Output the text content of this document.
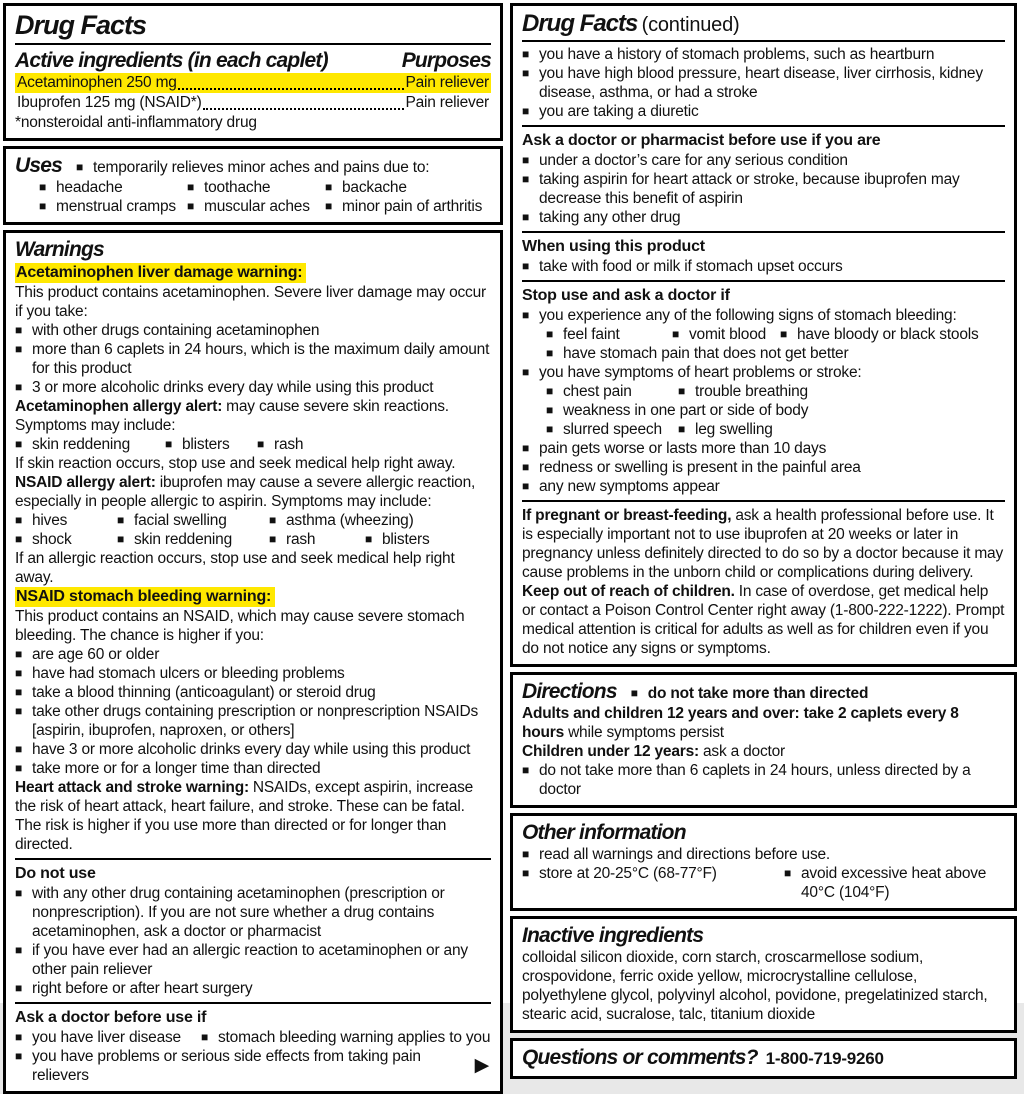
Drug Facts
Active ingredients (in each caplet)	Purposes
Acetaminophen 250 mg	Pain reliever
Ibuprofen 125 mg (NSAID*)	Pain reliever
*nonsteroidal anti-inflammatory drug
Uses	■ temporarily relieves minor aches and pains due to:
■ headache	■ toothache	■ backache
■ menstrual cramps	■ muscular aches	■ minor pain of arthritis
Warnings
Acetaminophen liver damage warning:
This product contains acetaminophen. Severe liver damage may occur if you take:
■ with other drugs containing acetaminophen
■ more than 6 caplets in 24 hours, which is the maximum daily amount for this product
■ 3 or more alcoholic drinks every day while using this product
Acetaminophen allergy alert: may cause severe skin reactions.
Symptoms may include:
■ skin reddening	■ blisters	■ rash
If skin reaction occurs, stop use and seek medical help right away.
NSAID allergy alert: ibuprofen may cause a severe allergic reaction, especially in people allergic to aspirin. Symptoms may include:
■ hives	■ facial swelling	■ asthma (wheezing)
■ shock	■ skin reddening	■ rash	■ blisters
If an allergic reaction occurs, stop use and seek medical help right away.
NSAID stomach bleeding warning:
This product contains an NSAID, which may cause severe stomach bleeding. The chance is higher if you:
■ are age 60 or older
■ have had stomach ulcers or bleeding problems
■ take a blood thinning (anticoagulant) or steroid drug
■ take other drugs containing prescription or nonprescription NSAIDs [aspirin, ibuprofen, naproxen, or others]
■ have 3 or more alcoholic drinks every day while using this product
■ take more or for a longer time than directed
Heart attack and stroke warning: NSAIDs, except aspirin, increase the risk of heart attack, heart failure, and stroke. These can be fatal. The risk is higher if you use more than directed or for longer than directed.
Do not use
■ with any other drug containing acetaminophen (prescription or nonprescription). If you are not sure whether a drug contains acetaminophen, ask a doctor or pharmacist
■ if you have ever had an allergic reaction to acetaminophen or any other pain reliever
■ right before or after heart surgery
Ask a doctor before use if
■ you have liver disease	■ stomach bleeding warning applies to you
■ you have problems or serious side effects from taking pain relievers	▶
Drug Facts (continued)
■ you have a history of stomach problems, such as heartburn
■ you have high blood pressure, heart disease, liver cirrhosis, kidney disease, asthma, or had a stroke
■ you are taking a diuretic
Ask a doctor or pharmacist before use if you are
■ under a doctor’s care for any serious condition
■ taking aspirin for heart attack or stroke, because ibuprofen may decrease this benefit of aspirin
■ taking any other drug
When using this product
■ take with food or milk if stomach upset occurs
Stop use and ask a doctor if
■ you experience any of the following signs of stomach bleeding:
■ feel faint	■ vomit blood	■ have bloody or black stools
■ have stomach pain that does not get better
■ you have symptoms of heart problems or stroke:
■ chest pain	■ trouble breathing
■ weakness in one part or side of body
■ slurred speech	■ leg swelling
■ pain gets worse or lasts more than 10 days
■ redness or swelling is present in the painful area
■ any new symptoms appear
If pregnant or breast-feeding, ask a health professional before use. It is especially important not to use ibuprofen at 20 weeks or later in pregnancy unless definitely directed to do so by a doctor because it may cause problems in the unborn child or complications during delivery.
Keep out of reach of children. In case of overdose, get medical help or contact a Poison Control Center right away (1-800-222-1222). Prompt medical attention is critical for adults as well as for children even if you do not notice any signs or symptoms.
Directions	■ do not take more than directed
Adults and children 12 years and over: take 2 caplets every 8 hours while symptoms persist
Children under 12 years: ask a doctor
■ do not take more than 6 caplets in 24 hours, unless directed by a doctor
Other information
■ read all warnings and directions before use.
■ store at 20-25°C (68-77°F)	■ avoid excessive heat above 40°C (104°F)
Inactive ingredients
colloidal silicon dioxide, corn starch, croscarmellose sodium, crospovidone, ferric oxide yellow, microcrystalline cellulose, polyethylene glycol, polyvinyl alcohol, povidone, pregelatinized starch, stearic acid, sucralose, talc, titanium dioxide
Questions or comments? 1-800-719-9260
